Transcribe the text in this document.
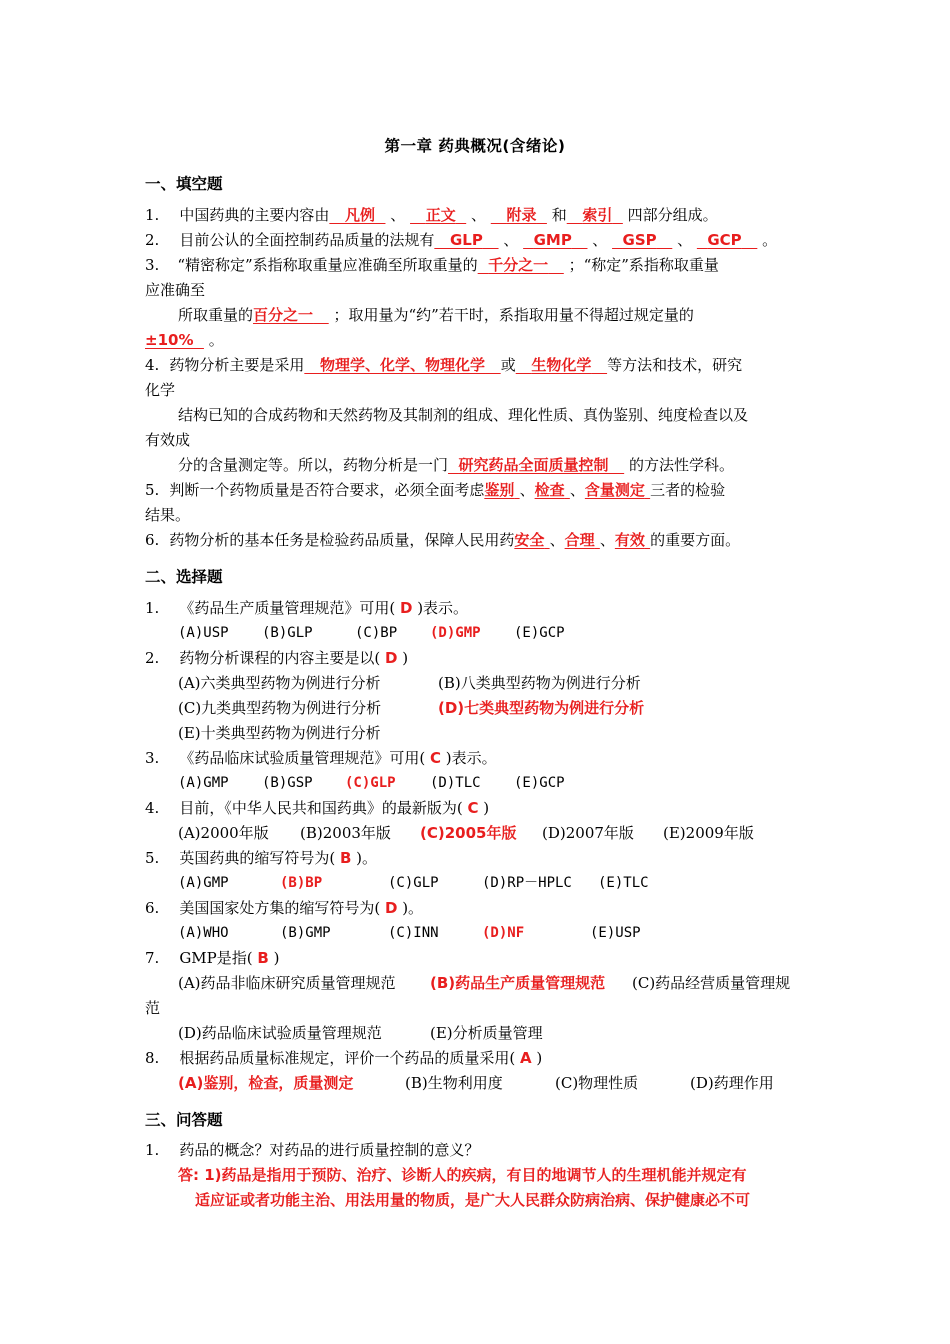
第一章 药典概况(含绪论)
一、填空题
1. 中国药典的主要内容由 凡例 、 正文 、 附录 和 索引 四部分组成。
2. 目前公认的全面控制药品质量的法规有 GLP 、 GMP 、 GSP 、 GCP 。
3. “精密称定”系指称取重量应准确至所取重量的 千分之一 ；“称定”系指称取重量
应准确至
所取重量的百分之一 ；取用量为“约”若干时，系指取用量不得超过规定量的
±10% 。
4. 药物分析主要是采用 物理学、化学、物理化学 或 生物化学 等方法和技术，研究
化学
结构已知的合成药物和天然药物及其制剂的组成、理化性质、真伪鉴别、纯度检查以及
有效成
分的含量测定等。所以，药物分析是一门 研究药品全面质量控制 的方法性学科。
5. 判断一个药物质量是否符合要求，必须全面考虑鉴别 、检查 、含量测定 三者的检验
结果。
6. 药物分析的基本任务是检验药品质量，保障人民用药安全 、合理 、有效 的重要方面。
二、选择题
1. 《药品生产质量管理规范》可用( D )表示。
(A)USP (B)GLP	(C)BP (D)GMP (E)GCP
2. 药物分析课程的内容主要是以( D )
(A)六类典型药物为例进行分析	(B)八类典型药物为例进行分析
(C)九类典型药物为例进行分析	(D)七类典型药物为例进行分析
(E)十类典型药物为例进行分析
3. 《药品临床试验质量管理规范》可用( C )表示。
(A)GMP (B)GSP (C)GLP (D)TLC (E)GCP
4. 目前，《中华人民共和国药典》的最新版为( C )
(A)2000年版 (B)2003年版 (C)2005年版 (D)2007年版 (E)2009年版
5. 英国药典的缩写符号为( B )。
(A)GMP	(B)BP	(C)GLP	(D)RP－HPLC (E)TLC
6. 美国国家处方集的缩写符号为( D )。
(A)WHO	(B)GMP	(C)INN	(D)NF	(E)USP
7. GMP是指( B )
(A)药品非临床研究质量管理规范 (B)药品生产质量管理规范 (C)药品经营质量管理规
范
(D)药品临床试验质量管理规范	(E)分析质量管理
8. 根据药品质量标准规定，评价一个药品的质量采用( A )
(A)鉴别，检查，质量测定	(B)生物利用度	(C)物理性质	(D)药理作用
三、问答题
1. 药品的概念？对药品的进行质量控制的意义？
答: 1)药品是指用于预防、治疗、诊断人的疾病，有目的地调节人的生理机能并规定有
适应证或者功能主治、用法用量的物质，是广大人民群众防病治病、保护健康必不可
